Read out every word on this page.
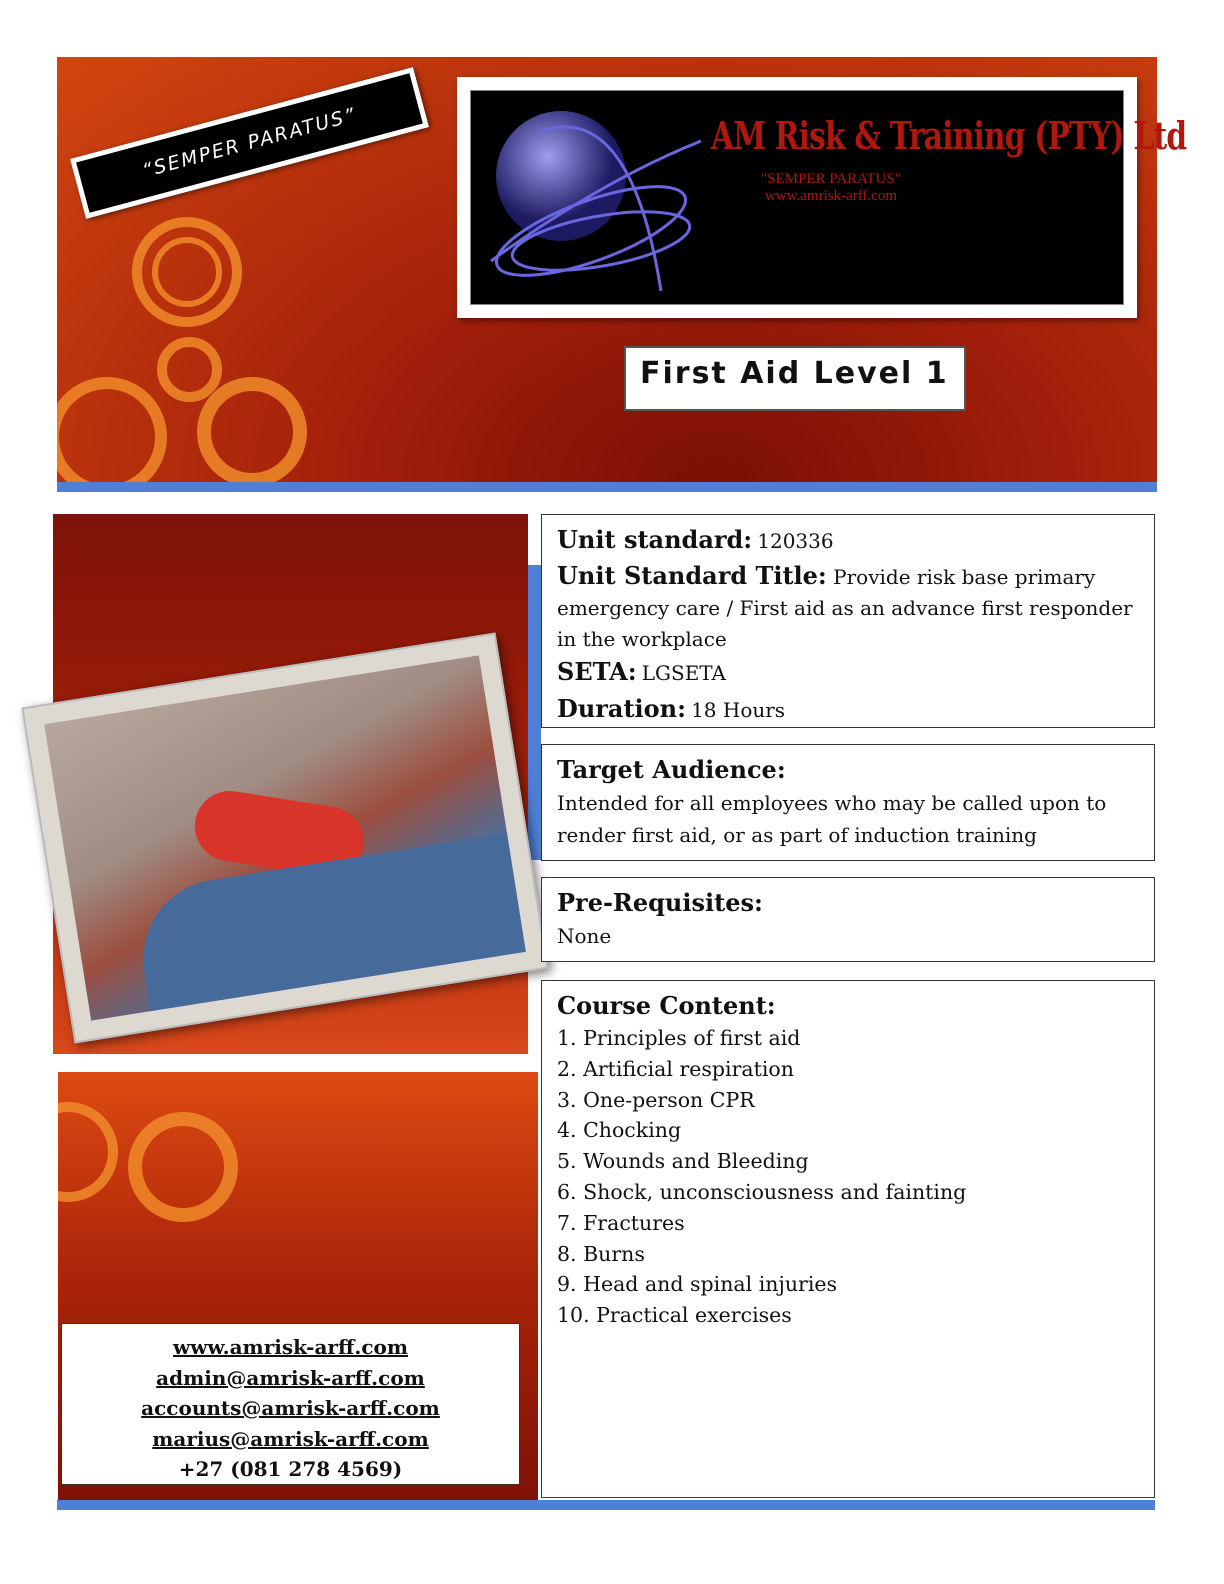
“SEMPER PARATUS”	AM Risk & Training (PTY) Ltd
"SEMPER PARATUS"
www.amrisk-arff.com
First Aid Level 1
Unit standard: 120336
Unit Standard Title: Provide risk base primary emergency care / First aid as an advance first responder in the workplace
SETA: LGSETA
Duration: 18 Hours
Target Audience:
Intended for all employees who may be called upon to render first aid, or as part of induction training
Pre-Requisites:
None
Course Content:
1. Principles of first aid
2. Artificial respiration
3. One-person CPR
4. Chocking
5. Wounds and Bleeding
6. Shock, unconsciousness and fainting
7. Fractures
8. Burns
9. Head and spinal injuries
10. Practical exercises
www.amrisk-arff.com
admin@amrisk-arff.com
accounts@amrisk-arff.com
marius@amrisk-arff.com
+27 (081 278 4569)
